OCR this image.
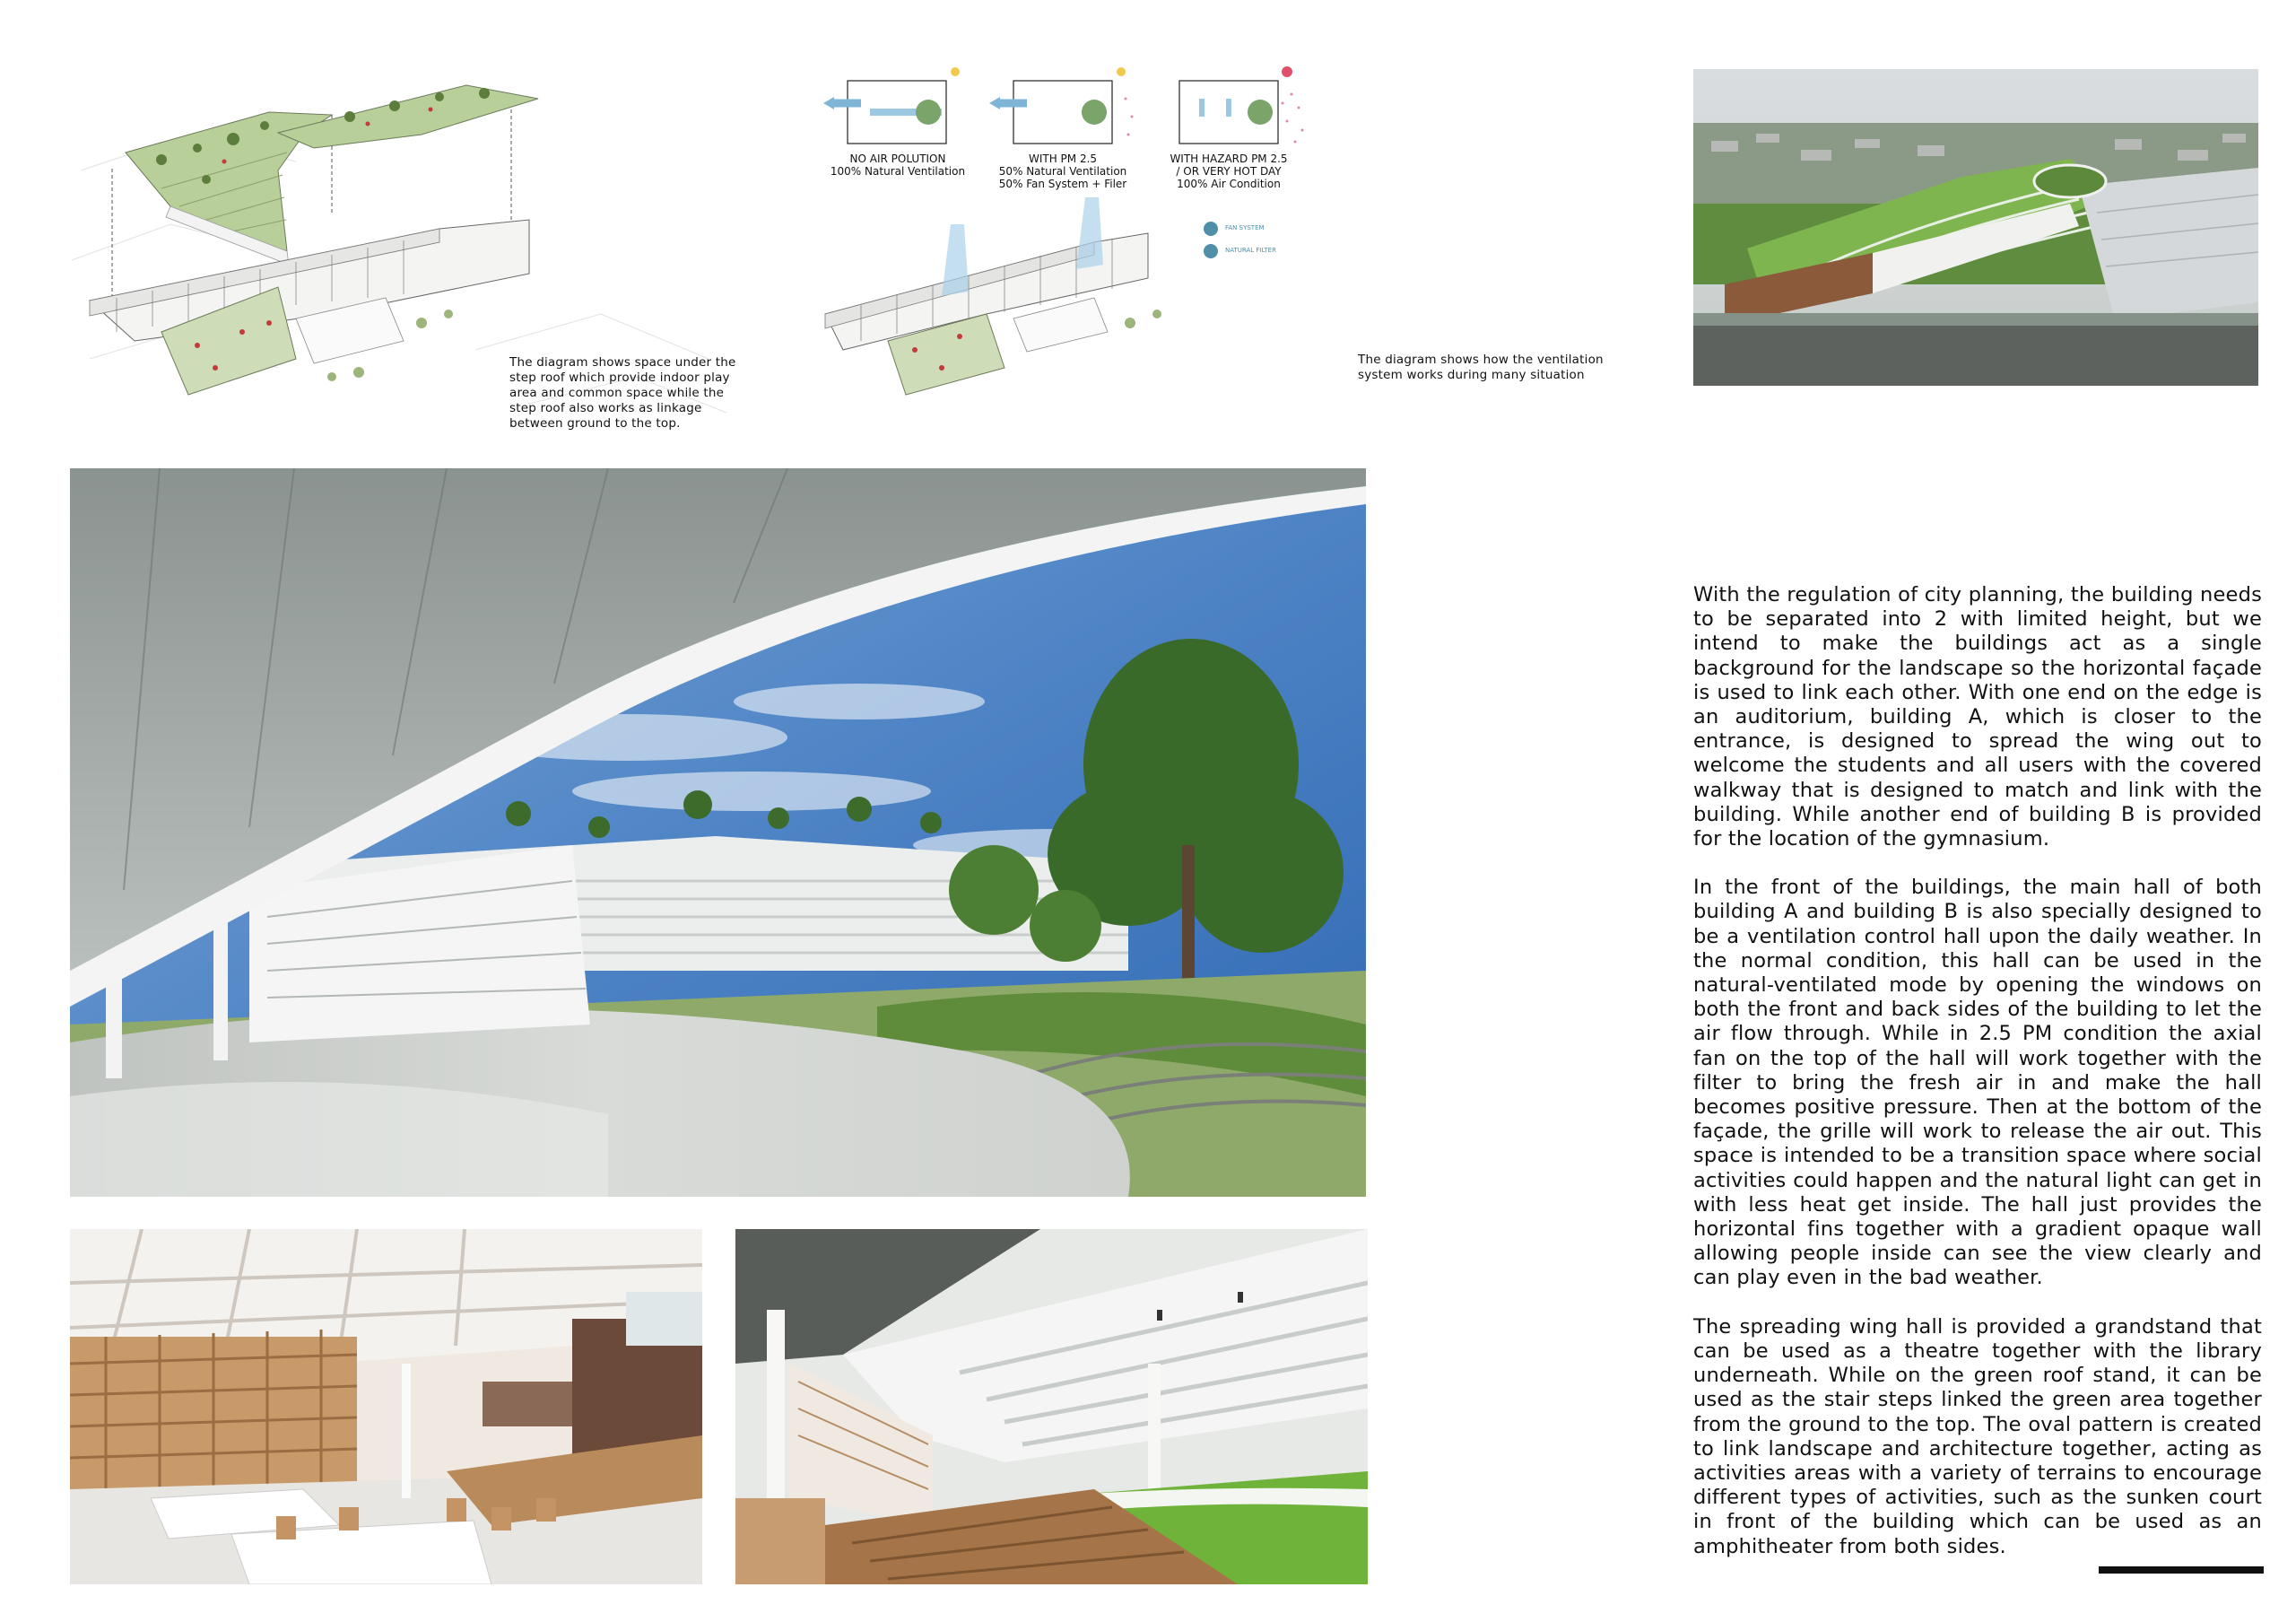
The diagram shows space under the step roof which provide indoor play area and common space while the step roof also works as linkage between ground to the top.
FAN SYSTEM
NATURAL FILTER
NO AIR POLUTION
100% Natural Ventilation
WITH PM 2.5
50% Natural Ventilation
50% Fan System + Filer
WITH HAZARD PM 2.5
/ OR VERY HOT DAY
100% Air Condition
The diagram shows how the ventilation system works during many situation

With the regulation of city planning, the building needs to be separated into 2 with limited height, but we intend to make the buildings act as a single background for the landscape so the horizontal façade is used to link each other. With one end on the edge is an auditorium, building A, which is closer to the entrance, is designed to spread the wing out to welcome the students and all users with the covered walkway that is designed to match and link with the building. While another end of building B is provided for the location of the gymnasium.

In the front of the buildings, the main hall of both building A and building B is also specially designed to be a ventilation control hall upon the daily weather. In the normal condition, this hall can be used in the natural-ventilated mode by opening the windows on both the front and back sides of the building to let the air flow through. While in 2.5 PM condition the axial fan on the top of the hall will work together with the filter to bring the fresh air in and make the hall becomes positive pressure. Then at the bottom of the façade, the grille will work to release the air out. This space is intended to be a transition space where social activities could happen and the natural light can get in with less heat get inside. The hall just provides the horizontal fins together with a gradient opaque wall allowing people inside can see the view clearly and can play even in the bad weather.

The spreading wing hall is provided a grandstand that can be used as a theatre together with the library underneath. While on the green roof stand, it can be used as the stair steps linked the green area together from the ground to the top. The oval pattern is created to link landscape and architecture together, acting as activities areas with a variety of terrains to encourage different types of activities, such as the sunken court in front of the building which can be used as an amphitheater from both sides.
